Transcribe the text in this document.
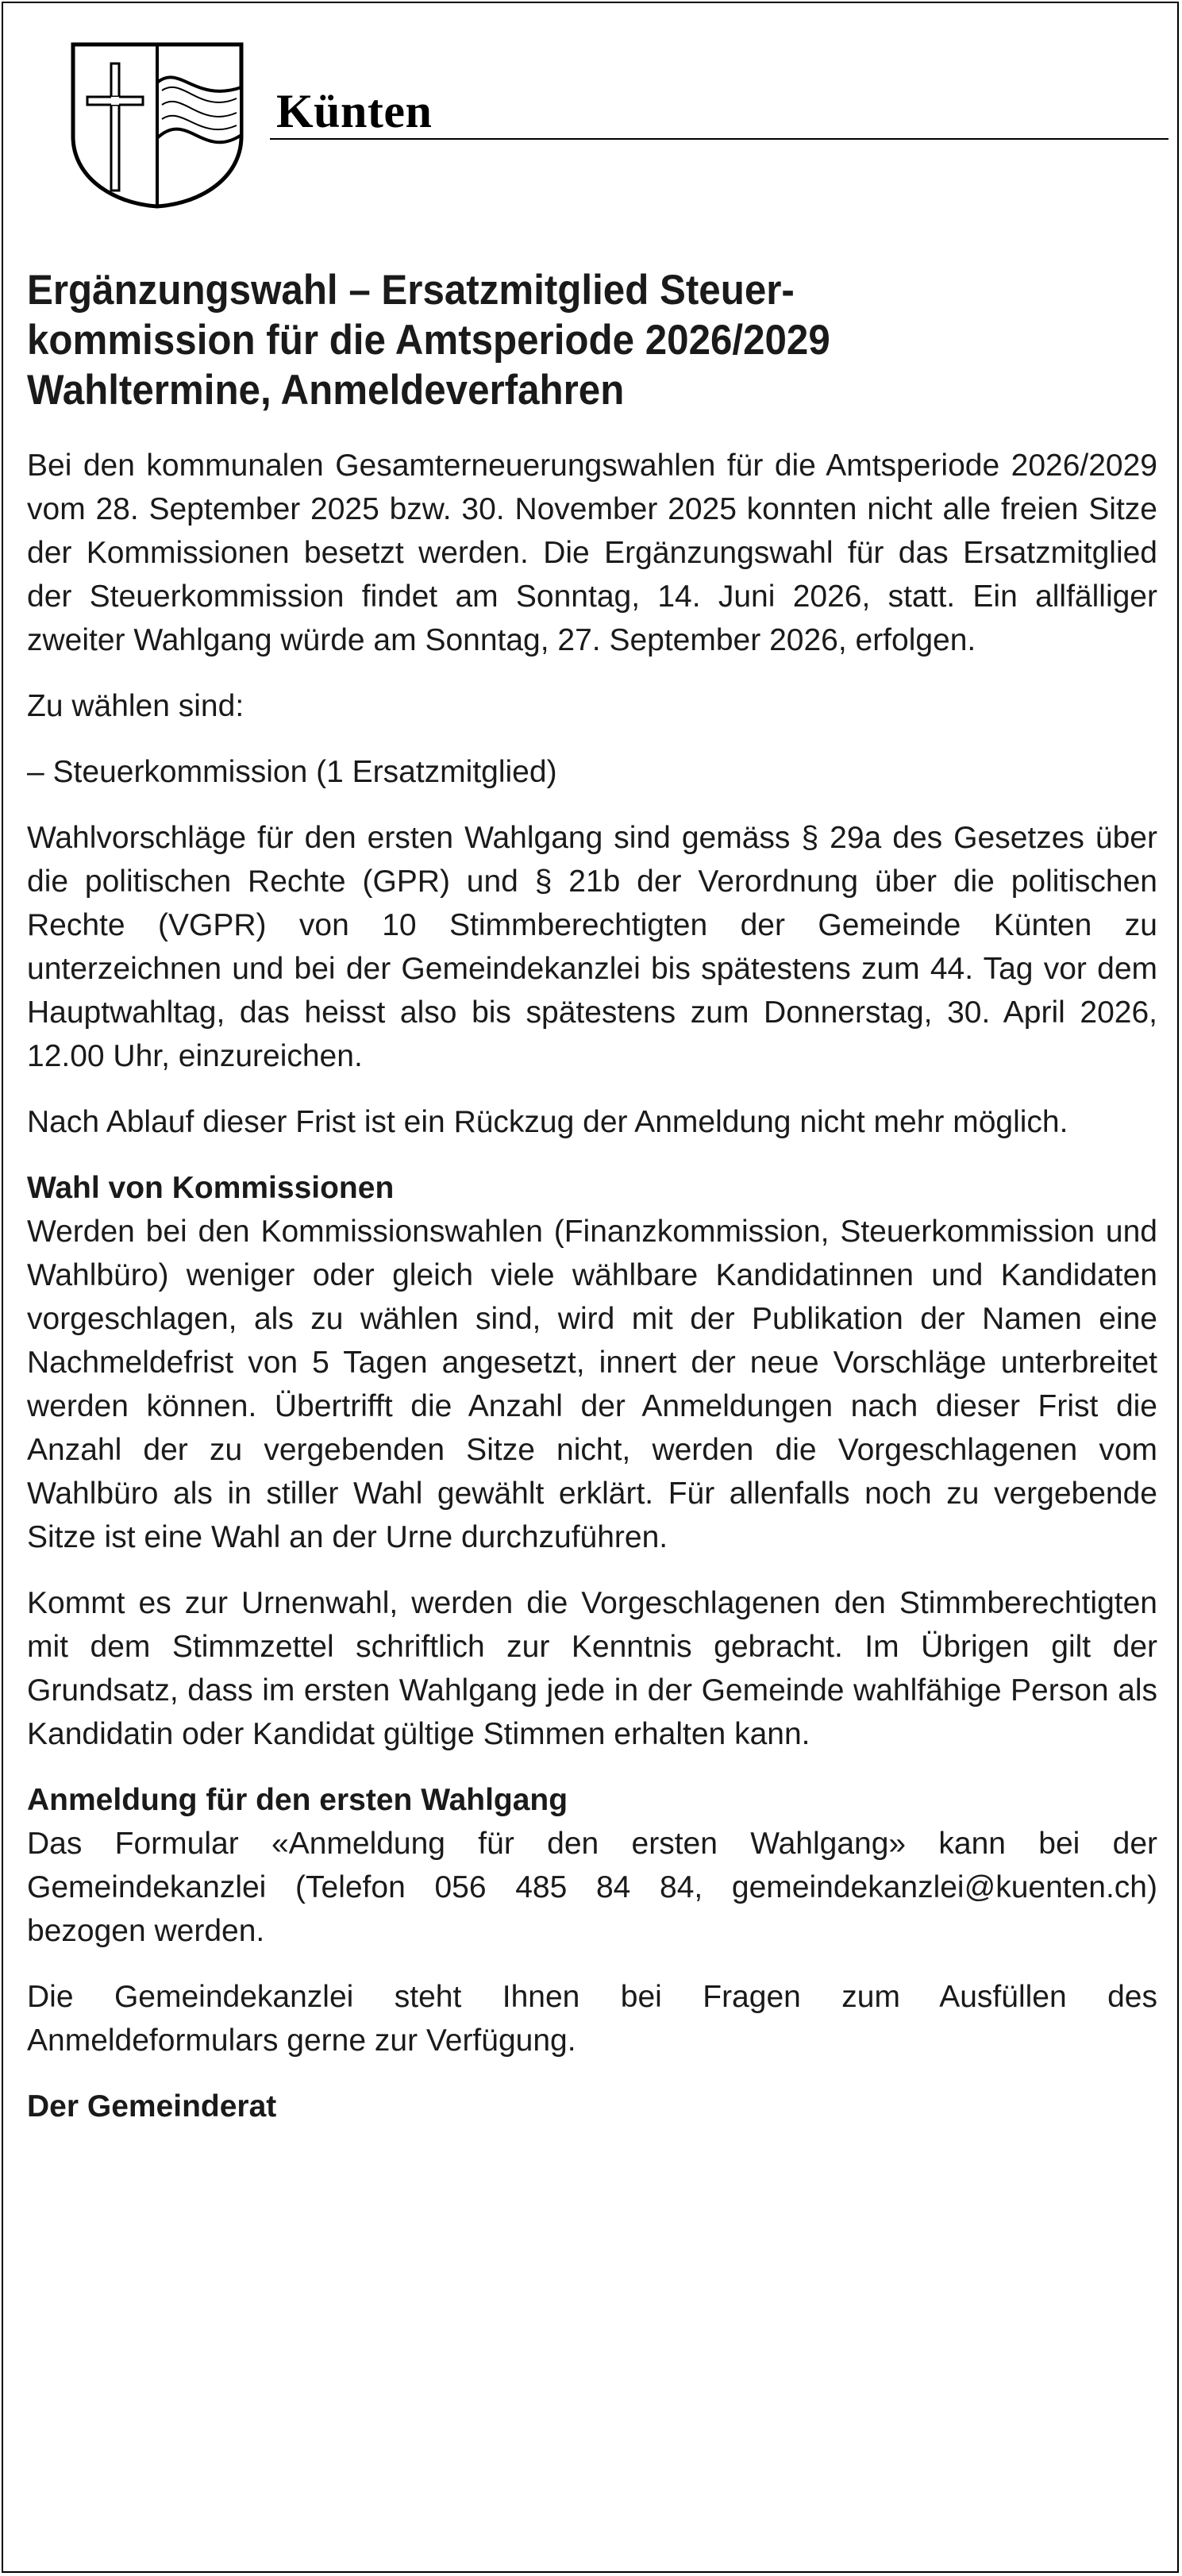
Künten
Ergänzungswahl – Ersatzmitglied Steuer-
kommission für die Amtsperiode 2026/2029
Wahltermine, Anmeldeverfahren

Bei den kommunalen Gesamterneuerungswahlen für die Amtsperiode 2026/2029 vom 28. September 2025 bzw. 30. November 2025 konnten nicht alle freien Sitze der Kommissionen besetzt werden. Die Ergänzungswahl für das Ersatzmitglied der Steuerkommission findet am Sonntag, 14. Juni 2026, statt. Ein allfälliger zweiter Wahlgang würde am Sonntag, 27. September 2026, erfolgen.

Zu wählen sind:

– Steuerkommission (1 Ersatzmitglied)

Wahlvorschläge für den ersten Wahlgang sind gemäss § 29a des Gesetzes über die politischen Rechte (GPR) und § 21b der Verordnung über die politischen Rechte (VGPR) von 10 Stimmberechtigten der Gemeinde Künten zu unterzeichnen und bei der Gemeindekanzlei bis spätestens zum 44. Tag vor dem Hauptwahltag, das heisst also bis spätestens zum Donnerstag, 30. April 2026, 12.00 Uhr, einzureichen.

Nach Ablauf dieser Frist ist ein Rückzug der Anmeldung nicht mehr möglich.

Wahl von Kommissionen
Werden bei den Kommissionswahlen (Finanzkommission, Steuerkommission und Wahlbüro) weniger oder gleich viele wählbare Kandidatinnen und Kandidaten vorgeschlagen, als zu wählen sind, wird mit der Publikation der Namen eine Nachmeldefrist von 5 Tagen angesetzt, innert der neue Vorschläge unterbreitet werden können. Übertrifft die Anzahl der Anmeldungen nach dieser Frist die Anzahl der zu vergebenden Sitze nicht, werden die Vorgeschlagenen vom Wahlbüro als in stiller Wahl gewählt erklärt. Für allenfalls noch zu vergebende Sitze ist eine Wahl an der Urne durchzuführen.

Kommt es zur Urnenwahl, werden die Vorgeschlagenen den Stimmberechtigten mit dem Stimmzettel schriftlich zur Kenntnis gebracht. Im Übrigen gilt der Grundsatz, dass im ersten Wahlgang jede in der Gemeinde wahlfähige Person als Kandidatin oder Kandidat gültige Stimmen erhalten kann.

Anmeldung für den ersten Wahlgang
Das Formular «Anmeldung für den ersten Wahlgang» kann bei der Gemeindekanzlei (Telefon 056 485 84 84, gemeindekanzlei@​kuenten.ch) bezogen werden.

Die Gemeindekanzlei steht Ihnen bei Fragen zum Ausfüllen des Anmeldeformulars gerne zur Verfügung.

Der Gemeinderat
